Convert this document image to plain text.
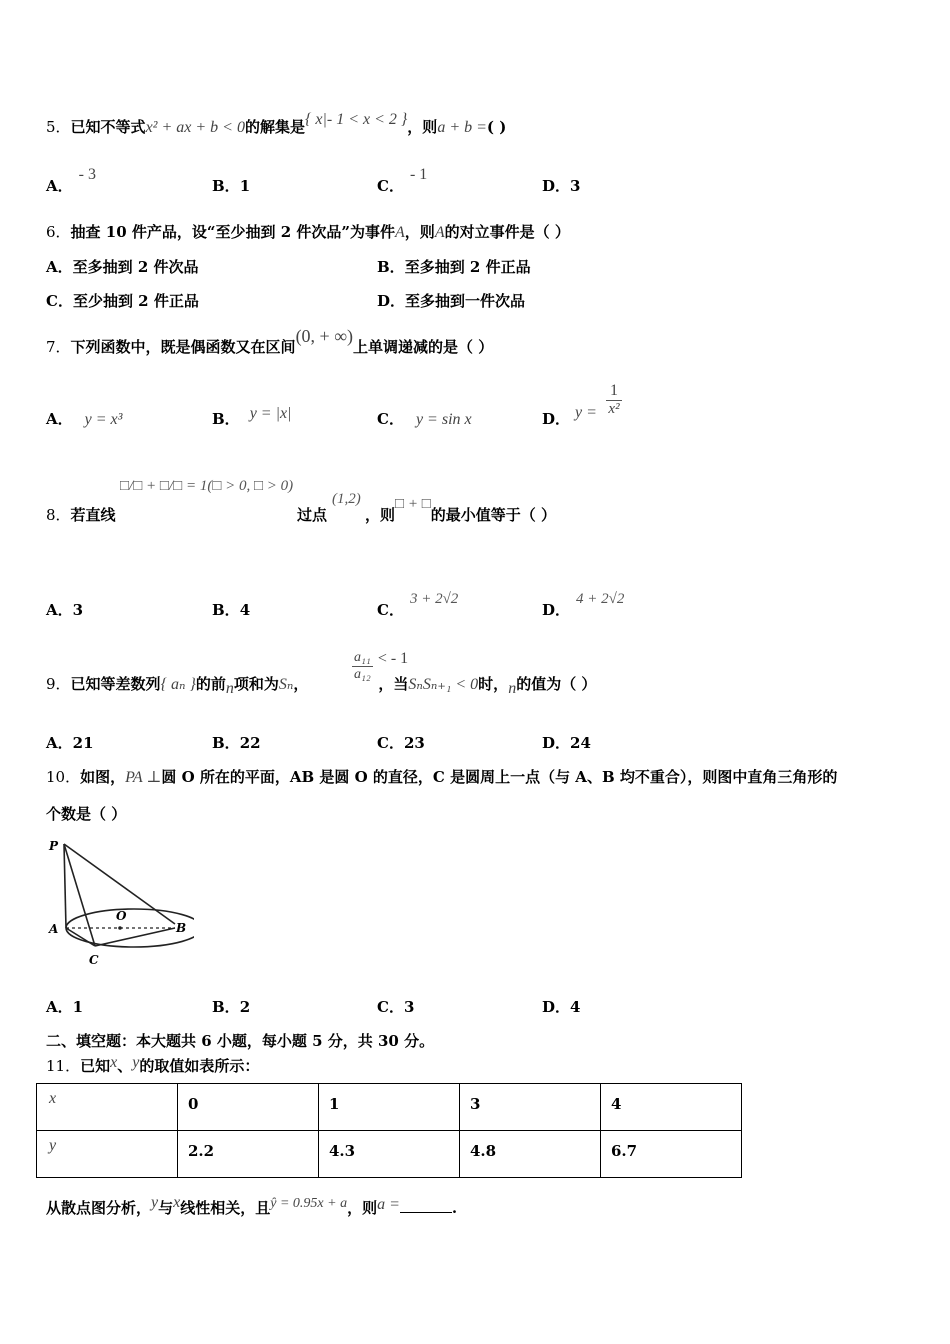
5．已知不等式x² + ax + b < 0的解集是{ x|- 1 < x < 2 }，则a + b =( )
A．- 3
B．1	C．- 1
D．3
6．抽查 10 件产品，设“至少抽到 2 件次品”为事件A，则A的对立事件是（ ）
A．至多抽到 2 件次品	B．至多抽到 2 件正品
C．至少抽到 2 件正品	D．至多抽到一件次品
7．下列函数中，既是偶函数又在区间(0, + ∞)上单调递减的是（ ）
A． y = x³	B． y = |x|	C． y = sin x	D． $y = \frac{1}{\text{x²}}$
8．若直线
□/□ + □/□ = 1(□ > 0, □ > 0)
过点
(1,2)
，则□ + □的最小值等于（ ）
A．3	B．4	C．3 + 2√2
D．4 + 2√2
9．已知等差数列{ aₙ }的前n项和为Sₙ，	，当SₙSₙ₊₁ < 0时，n的值为（ ）
$\frac{\text{a₁₁}}{\text{a₁₂}}$ < - 1
A．21	B．22	C．23	D．24
10．如图，PA ⊥圆 O 所在的平面，AB 是圆 O 的直径，C 是圆周上一点（与 A、B 均不重合），则图中直角三角形的
个数是（ ）
P
A	B
C
O
A．1	B．2	C．3	D．4
二、填空题：本大题共 6 小题，每小题 5 分，共 30 分。
11．已知x、y的取值如表所示：
x	0	1	3	4
y	2.2	4.3	4.8	6.7
从散点图分析，y与x线性相关，且ŷ = 0.95x + a，则a =	.
